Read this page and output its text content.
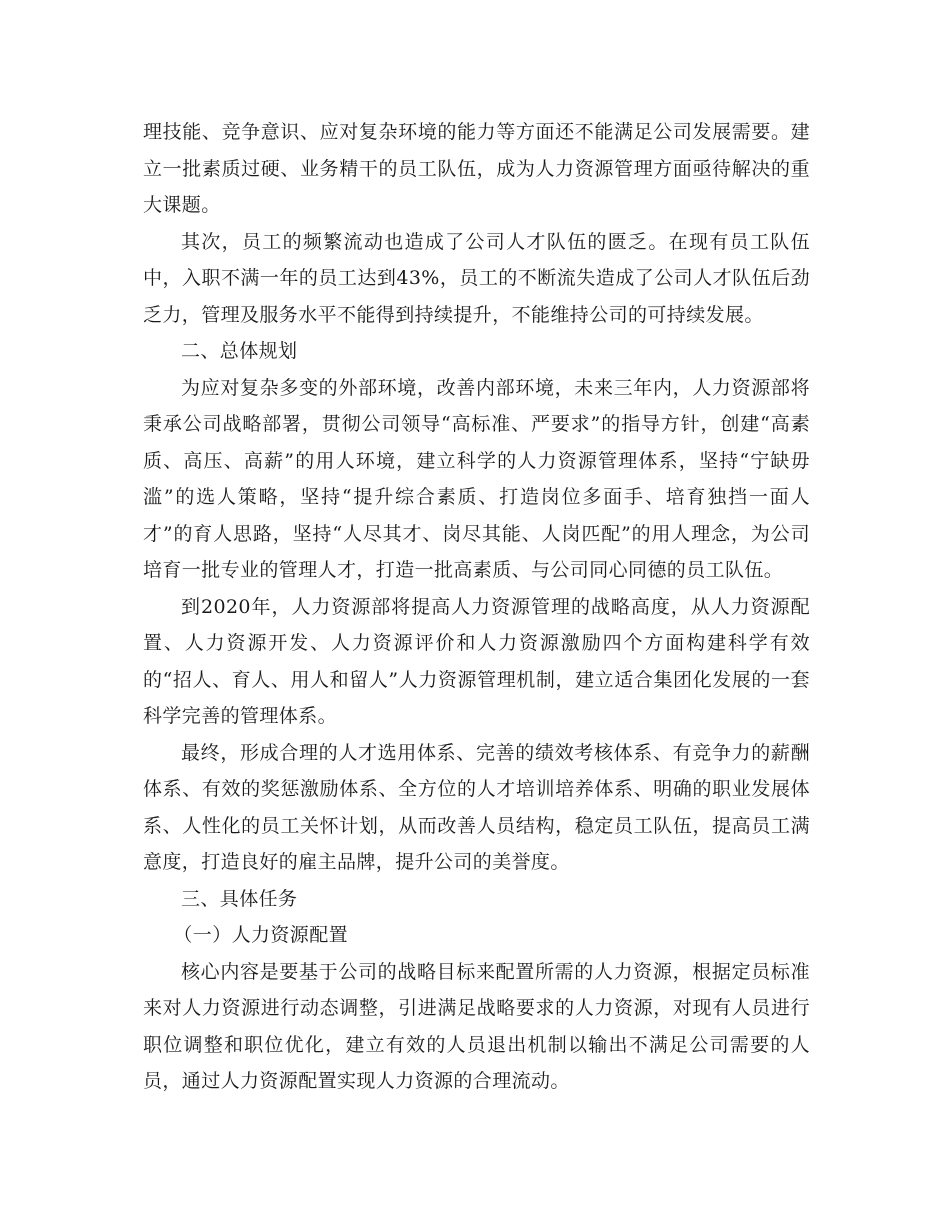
理技能、竞争意识、应对复杂环境的能力等方面还不能满足公司发展需要。建立一批素质过硬、业务精干的员工队伍，成为人力资源管理方面亟待解决的重大课题。

其次，员工的频繁流动也造成了公司人才队伍的匮乏。在现有员工队伍中，入职不满一年的员工达到43%，员工的不断流失造成了公司人才队伍后劲乏力，管理及服务水平不能得到持续提升，不能维持公司的可持续发展。

二、总体规划

为应对复杂多变的外部环境，改善内部环境，未来三年内，人力资源部将秉承公司战略部署，贯彻公司领导“高标准、严要求”的指导方针，创建“高素质、高压、高薪”的用人环境，建立科学的人力资源管理体系，坚持“宁缺毋滥”的选人策略，坚持“提升综合素质、打造岗位多面手、培育独挡一面人才”的育人思路，坚持“人尽其才、岗尽其能、人岗匹配”的用人理念，为公司培育一批专业的管理人才，打造一批高素质、与公司同心同德的员工队伍。

到2020年，人力资源部将提高人力资源管理的战略高度，从人力资源配置、人力资源开发、人力资源评价和人力资源激励四个方面构建科学有效的“招人、育人、用人和留人”人力资源管理机制，建立适合集团化发展的一套科学完善的管理体系。

最终，形成合理的人才选用体系、完善的绩效考核体系、有竞争力的薪酬体系、有效的奖惩激励体系、全方位的人才培训培养体系、明确的职业发展体系、人性化的员工关怀计划，从而改善人员结构，稳定员工队伍，提高员工满意度，打造良好的雇主品牌，提升公司的美誉度。

三、具体任务

（一）人力资源配置

核心内容是要基于公司的战略目标来配置所需的人力资源，根据定员标准来对人力资源进行动态调整，引进满足战略要求的人力资源，对现有人员进行职位调整和职位优化，建立有效的人员退出机制以输出不满足公司需要的人员，通过人力资源配置实现人力资源的合理流动。
